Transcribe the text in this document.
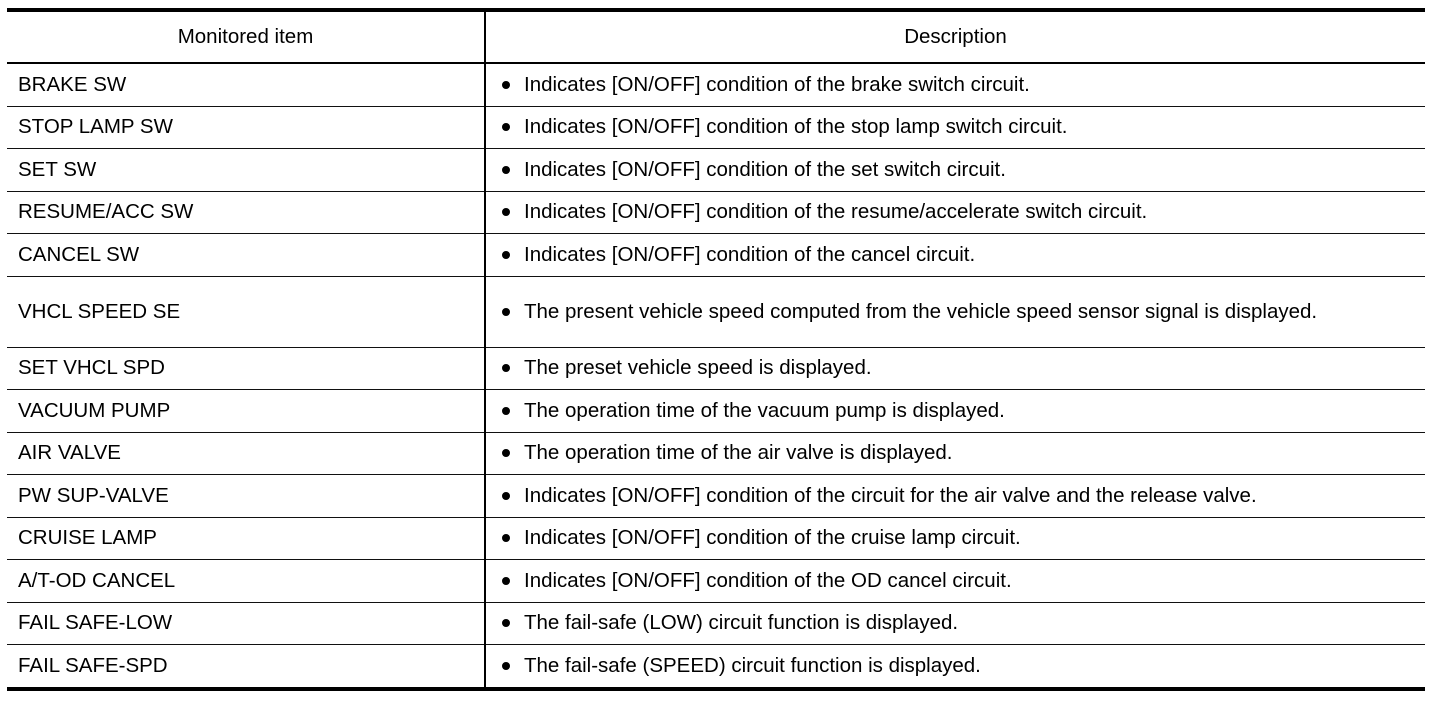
Monitored item	Description
BRAKE SW	Indicates [ON/OFF] condition of the brake switch circuit.

STOP LAMP SW	Indicates [ON/OFF] condition of the stop lamp switch circuit.

SET SW	Indicates [ON/OFF] condition of the set switch circuit.

RESUME/ACC SW	Indicates [ON/OFF] condition of the resume/accelerate switch circuit.

CANCEL SW	Indicates [ON/OFF] condition of the cancel circuit.

VHCL SPEED SE	The present vehicle speed computed from the vehicle speed sensor signal is displayed.

SET VHCL SPD	The preset vehicle speed is displayed.

VACUUM PUMP	The operation time of the vacuum pump is displayed.

AIR VALVE	The operation time of the air valve is displayed.

PW SUP-VALVE	Indicates [ON/OFF] condition of the circuit for the air valve and the release valve.

CRUISE LAMP	Indicates [ON/OFF] condition of the cruise lamp circuit.

A/T-OD CANCEL	Indicates [ON/OFF] condition of the OD cancel circuit.

FAIL SAFE-LOW	The fail-safe (LOW) circuit function is displayed.

FAIL SAFE-SPD	The fail-safe (SPEED) circuit function is displayed.
